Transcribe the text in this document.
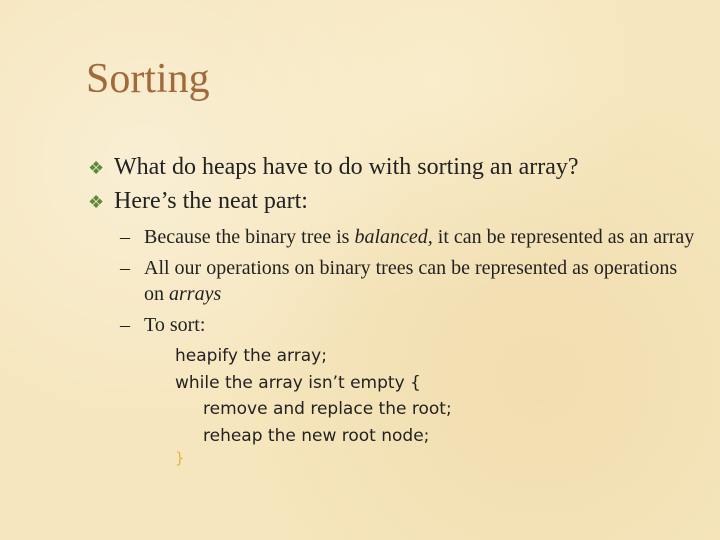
Sorting
❖ What do heaps have to do with sorting an array?
❖ Here’s the neat part:
– Because the binary tree is balanced, it can be represented as an array
– All our operations on binary trees can be represented as operations on arrays
– To sort:
heapify the array;
while the array isn’t empty {
remove and replace the root;
reheap the new root node;
}
